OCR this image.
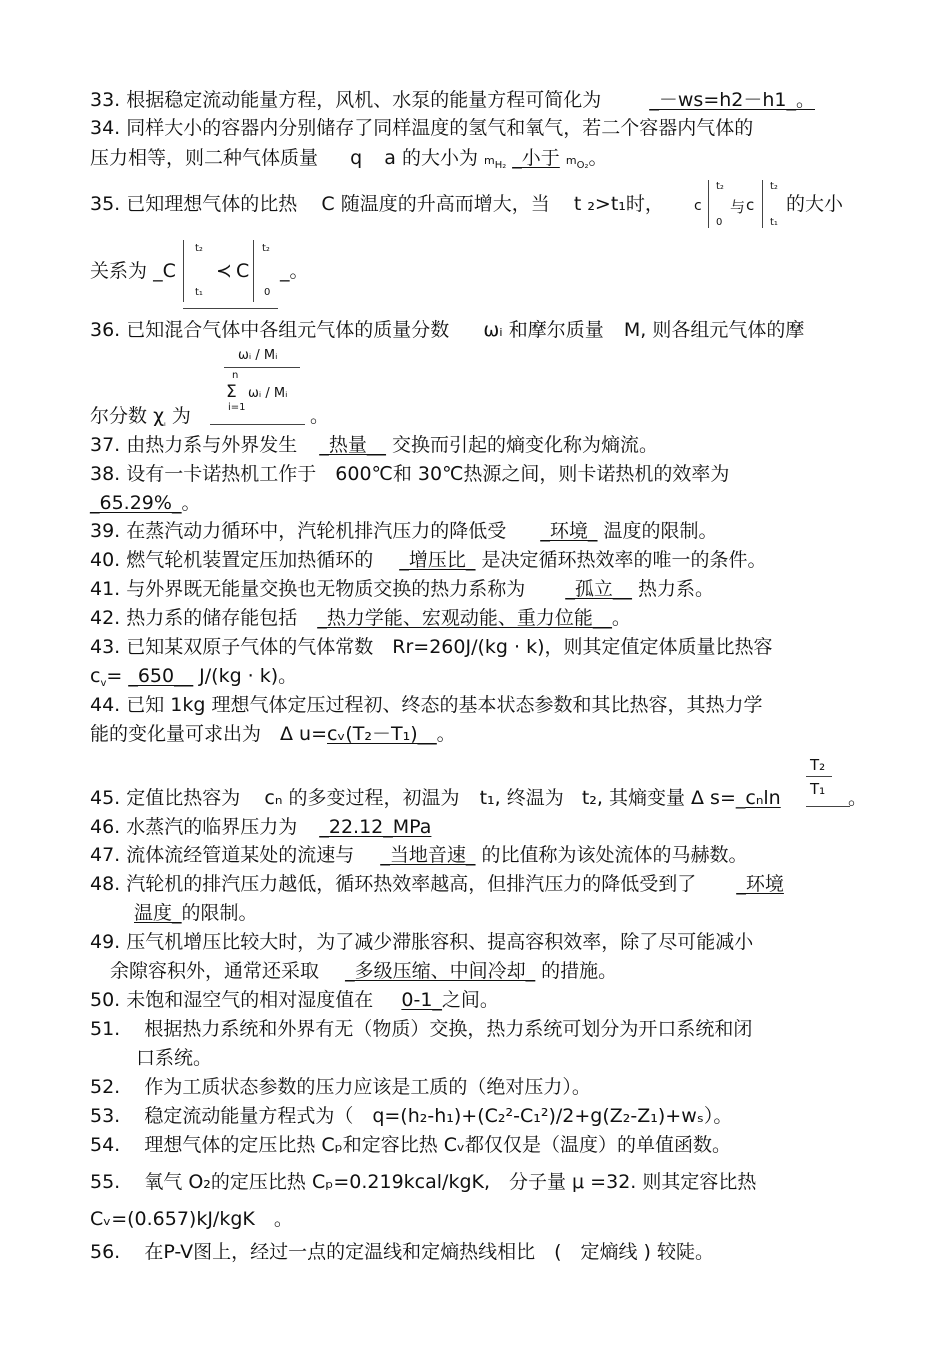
33. 根据稳定流动能量方程，风机、水泵的能量方程可简化为	_－ws=h2－h1_。
34. 同样大小的容器内分别储存了同样温度的氢气和氧气，若二个容器内气体的
压力相等，则二种气体质量 q a 的大小为 $m_{H_2}$ _小于 $m_{O_2}$。
35. 已知理想气体的比热 C 随温度的升高而增大，当 t ₂>t₁时， c
t₂
0
与 c
t₂
t₁
的大小
关系为 _C
t₂
t₁
≺ C
t₂
0
_。
36. 已知混合气体中各组元气体的质量分数 ωᵢ 和摩尔质量 M, 则各组元气体的摩
ωᵢ / Mᵢ
n
Σ ωᵢ / Mᵢ
i=1
尔分数 $\chi_ᵢ$ 为	。
37. 由热力系与外界发生 _热量__ 交换而引起的熵变化称为熵流。
38. 设有一卡诺热机工作于　600℃和 30℃热源之间，则卡诺热机的效率为
_65.29%_。
39. 在蒸汽动力循环中，汽轮机排汽压力的降低受 _环境_ 温度的限制。
40. 燃气轮机装置定压加热循环的 _增压比_ 是决定循环热效率的唯一的条件。
41. 与外界既无能量交换也无物质交换的热力系称为 _孤立__ 热力系。
42. 热力系的储存能包括 _热力学能、宏观动能、重力位能__。
43. 已知某双原子气体的气体常数　Rr=260J/(kg · k)，则其定值定体质量比热容
$c_v=$ _650__ J/(kg · k)。
44. 已知 1kg 理想气体定压过程初、终态的基本状态参数和其比热容，其热力学
能的变化量可求出为　Δ u=cᵥ(T₂－T₁)__。
T₂
T₁
45. 定值比热容为 cₙ 的多变过程，初温为 t₁, 终温为 t₂, 其熵变量 Δ s=_cₙln	。
46. 水蒸汽的临界压力为 _22.12_MPa
47. 流体流经管道某处的流速与 _当地音速_ 的比值称为该处流体的马赫数。
48. 汽轮机的排汽压力越低，循环热效率越高，但排汽压力的降低受到了 _环境
温度_的限制。
49. 压气机增压比较大时，为了减少滞胀容积、提高容积效率，除了尽可能减小
余隙容积外，通常还采取 _多级压缩、中间冷却_ 的措施。
50. 未饱和湿空气的相对湿度值在 0-1_之间。
51. 根据热力系统和外界有无（物质）交换，热力系统可划分为开口系统和闭
口系统。
52. 作为工质状态参数的压力应该是工质的（绝对压力）。
53. 稳定流动能量方程式为（　q=(h₂-h₁)+(C₂²-C₁²)/2+g(Z₂-Z₁)+wₛ）。
54. 理想气体的定压比热 Cₚ和定容比热 Cᵥ都仅仅是（温度）的单值函数。
55. 氧气 O₂的定压比热 Cₚ=0.219kcal/kgK,　分子量 μ =32. 则其定容比热
Cᵥ=(0.657)kJ/kgK　。
56. 在P-V图上，经过一点的定温线和定熵热线相比　(　定熵线 ) 较陡。
